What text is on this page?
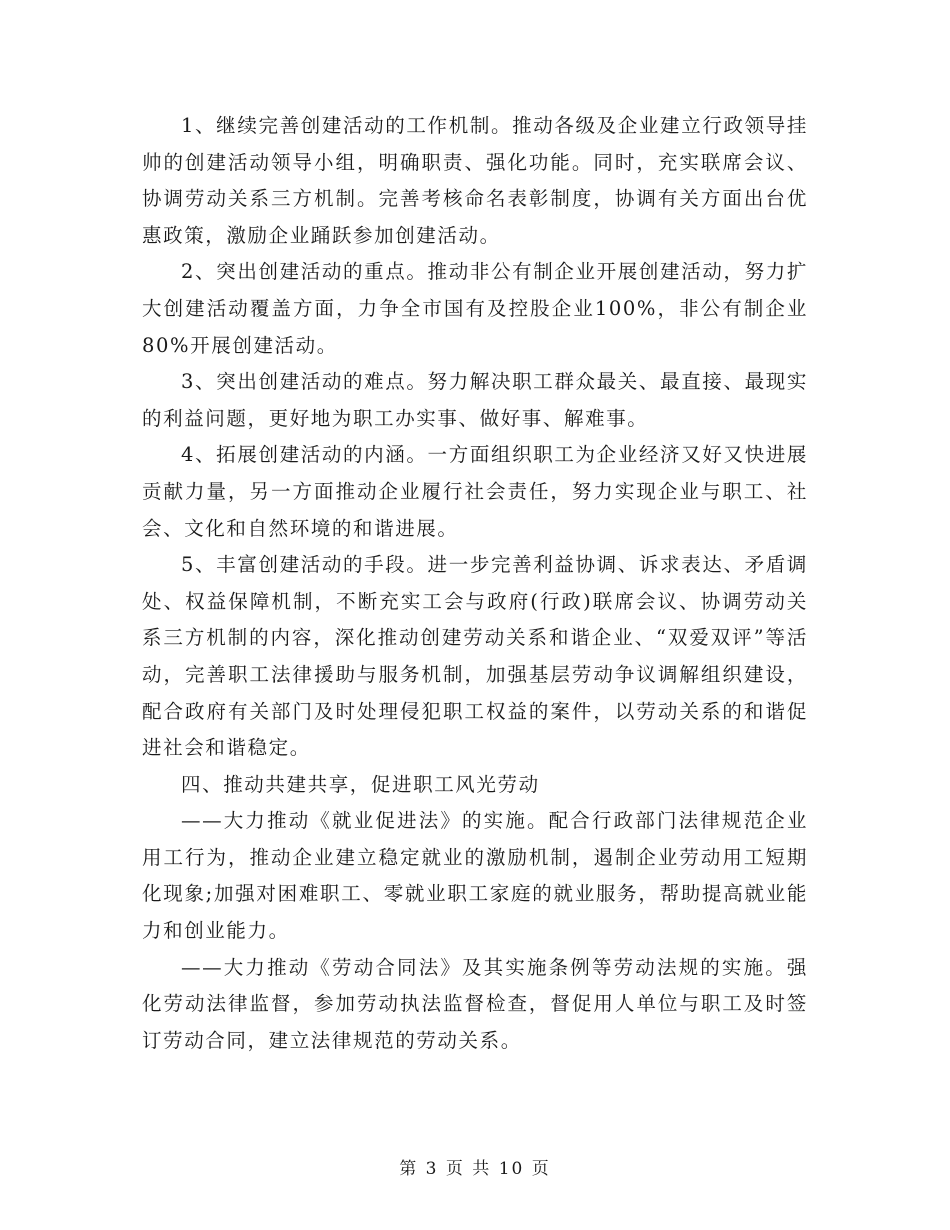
1、继续完善创建活动的工作机制。推动各级及企业建立行政领导挂帅的创建活动领导小组，明确职责、强化功能。同时，充实联席会议、协调劳动关系三方机制。完善考核命名表彰制度，协调有关方面出台优惠政策，激励企业踊跃参加创建活动。

2、突出创建活动的重点。推动非公有制企业开展创建活动，努力扩大创建活动覆盖方面，力争全市国有及控股企业100%，非公有制企业80%开展创建活动。

3、突出创建活动的难点。努力解决职工群众最关、最直接、最现实的利益问题，更好地为职工办实事、做好事、解难事。

4、拓展创建活动的内涵。一方面组织职工为企业经济又好又快进展贡献力量，另一方面推动企业履行社会责任，努力实现企业与职工、社会、文化和自然环境的和谐进展。

5、丰富创建活动的手段。进一步完善利益协调、诉求表达、矛盾调处、权益保障机制，不断充实工会与政府(行政)联席会议、协调劳动关系三方机制的内容，深化推动创建劳动关系和谐企业、“双爱双评”等活动，完善职工法律援助与服务机制，加强基层劳动争议调解组织建设，配合政府有关部门及时处理侵犯职工权益的案件，以劳动关系的和谐促进社会和谐稳定。

四、推动共建共享，促进职工风光劳动

——大力推动《就业促进法》的实施。配合行政部门法律规范企业用工行为，推动企业建立稳定就业的激励机制，遏制企业劳动用工短期化现象;加强对困难职工、零就业职工家庭的就业服务，帮助提高就业能力和创业能力。

——大力推动《劳动合同法》及其实施条例等劳动法规的实施。强化劳动法律监督，参加劳动执法监督检查，督促用人单位与职工及时签订劳动合同，建立法律规范的劳动关系。

第 3 页 共 10 页
